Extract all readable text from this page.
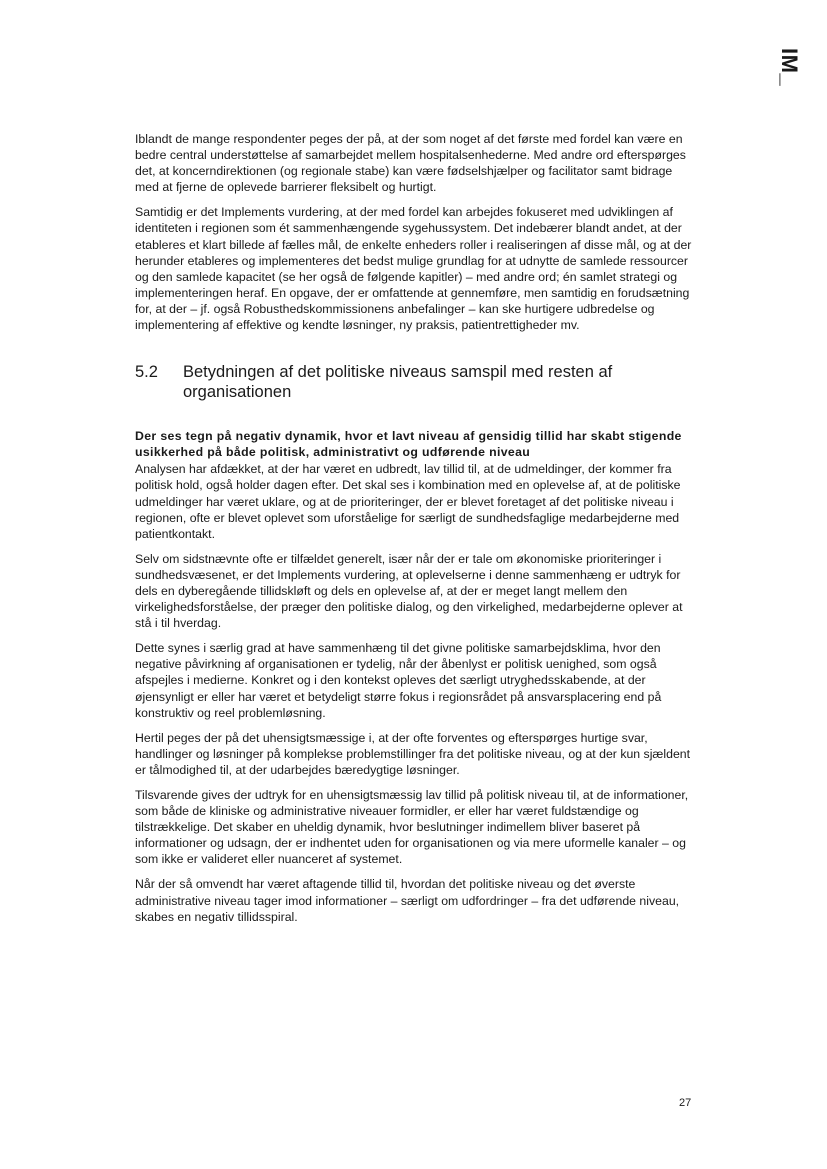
IM_

Iblandt de mange respondenter peges der på, at der som noget af det første med fordel kan være en bedre central understøttelse af samarbejdet mellem hospitalsenhederne. Med andre ord efterspørges det, at koncerndirektionen (og regionale stabe) kan være fødselshjælper og facilitator samt bidrage med at fjerne de oplevede barrierer fleksibelt og hurtigt.

Samtidig er det Implements vurdering, at der med fordel kan arbejdes fokuseret med udviklingen af identiteten i regionen som ét sammenhængende sygehussystem. Det indebærer blandt andet, at der etableres et klart billede af fælles mål, de enkelte enheders roller i realiseringen af disse mål, og at der herunder etableres og implementeres det bedst mulige grundlag for at udnytte de samlede ressourcer og den samlede kapacitet (se her også de følgende kapitler) – med andre ord; én samlet strategi og implementeringen heraf. En opgave, der er omfattende at gennemføre, men samtidig en forudsætning for, at der – jf. også Robusthedskommissionens anbefalinger – kan ske hurtigere udbredelse og implementering af effektive og kendte løsninger, ny praksis, patientrettigheder mv.

5.2	Betydningen af det politiske niveaus samspil med resten af organisationen
Der ses tegn på negativ dynamik, hvor et lavt niveau af gensidig tillid har skabt stigende usikkerhed på både politisk, administrativt og udførende niveau

Analysen har afdækket, at der har været en udbredt, lav tillid til, at de udmeldinger, der kommer fra politisk hold, også holder dagen efter. Det skal ses i kombination med en oplevelse af, at de politiske udmeldinger har været uklare, og at de prioriteringer, der er blevet foretaget af det politiske niveau i regionen, ofte er blevet oplevet som uforståelige for særligt de sundhedsfaglige medarbejderne med patientkontakt.

Selv om sidstnævnte ofte er tilfældet generelt, især når der er tale om økonomiske prioriteringer i sundhedsvæsenet, er det Implements vurdering, at oplevelserne i denne sammenhæng er udtryk for dels en dyberegående tillidskløft og dels en oplevelse af, at der er meget langt mellem den virkelighedsforståelse, der præger den politiske dialog, og den virkelighed, medarbejderne oplever at stå i til hverdag.

Dette synes i særlig grad at have sammenhæng til det givne politiske samarbejdsklima, hvor den negative påvirkning af organisationen er tydelig, når der åbenlyst er politisk uenighed, som også afspejles i medierne. Konkret og i den kontekst opleves det særligt utryghedsskabende, at der øjensynligt er eller har været et betydeligt større fokus i regionsrådet på ansvarsplacering end på konstruktiv og reel problemløsning.

Hertil peges der på det uhensigtsmæssige i, at der ofte forventes og efterspørges hurtige svar, handlinger og løsninger på komplekse problemstillinger fra det politiske niveau, og at der kun sjældent er tålmodighed til, at der udarbejdes bæredygtige løsninger.

Tilsvarende gives der udtryk for en uhensigtsmæssig lav tillid på politisk niveau til, at de informationer, som både de kliniske og administrative niveauer formidler, er eller har været fuldstændige og tilstrækkelige. Det skaber en uheldig dynamik, hvor beslutninger indimellem bliver baseret på informationer og udsagn, der er indhentet uden for organisationen og via mere uformelle kanaler – og som ikke er valideret eller nuanceret af systemet.

Når der så omvendt har været aftagende tillid til, hvordan det politiske niveau og det øverste administrative niveau tager imod informationer – særligt om udfordringer – fra det udførende niveau, skabes en negativ tillidsspiral.

27
